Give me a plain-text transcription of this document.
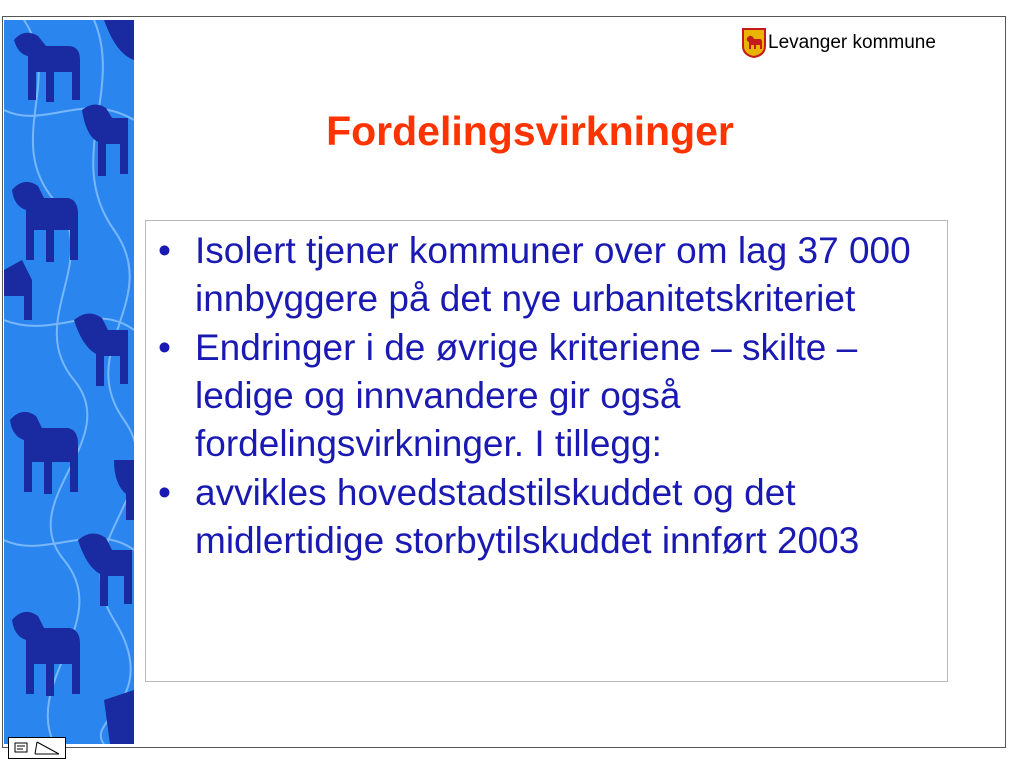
Levanger kommune
Fordelingsvirkninger
• Isolert tjener kommuner over om lag 37 000 innbyggere på det nye urbanitetskriteriet
• Endringer i de øvrige kriteriene – skilte – ledige og innvandere gir også fordelingsvirkninger. I tillegg:
• avvikles hovedstadstilskuddet og det midlertidige storbytilskuddet innført 2003
